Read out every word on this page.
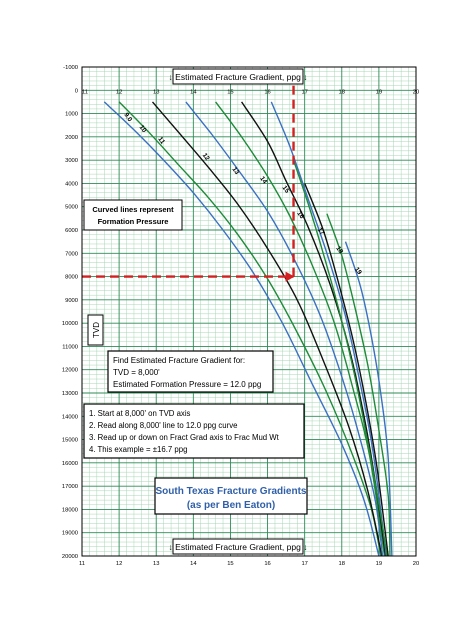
9.0
10
11
12
13
14
15
16
17
18
19
-1000
0
1000
2000
3000
4000
5000
6000
7000
8000
9000
10000
11000
12000
13000
14000
15000
16000
17000
18000
19000
20000
11	12	13	14	15	16	17	18	19	20
11	12	13	14	15	16	17	18	19	20
↓ Estimated Fracture Gradient, ppg ↓
↓ Estimated Fracture Gradient, ppg ↓
TVD
Curved lines represent
Formation Pressure
Find Estimated Fracture Gradient for:
TVD = 8,000'
Estimated Formation Pressure = 12.0 ppg
1. Start at 8,000' on TVD axis
2. Read along 8,000' line to 12.0 ppg curve
3. Read up or down on Fract Grad axis to Frac Mud Wt
4. This example = ±16.7 ppg
South Texas Fracture Gradients
(as per Ben Eaton)
